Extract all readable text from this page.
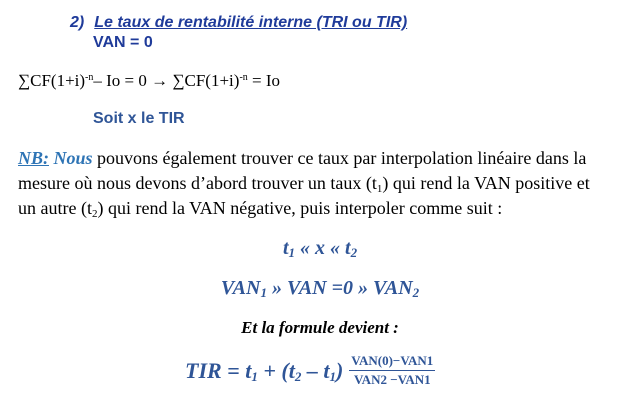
2) Le taux de rentabilité interne (TRI ou TIR)
VAN = 0
$\sum CF(1+i)^{-n}-$ $Io = 0 \to \sum CF(1+i)^{-n} = Io$
Soit x le TIR
NB: Nous pouvons également trouver ce taux par interpolation linéaire dans la
mesure où nous devons d’abord trouver un taux $(t_1)$ qui rend la VAN positive et
un autre $(t_2)$ qui rend la VAN négative, puis interpoler comme suit :
$t_1$ « x « $t_2$
$VAN_1$ » VAN =0 » $VAN_2$
Et la formule devient :
TIR = $t_1 + (t_2 - t_1) \frac{\text{VAN(0)−VAN1}}{\text{VAN2 −VAN1}}$
